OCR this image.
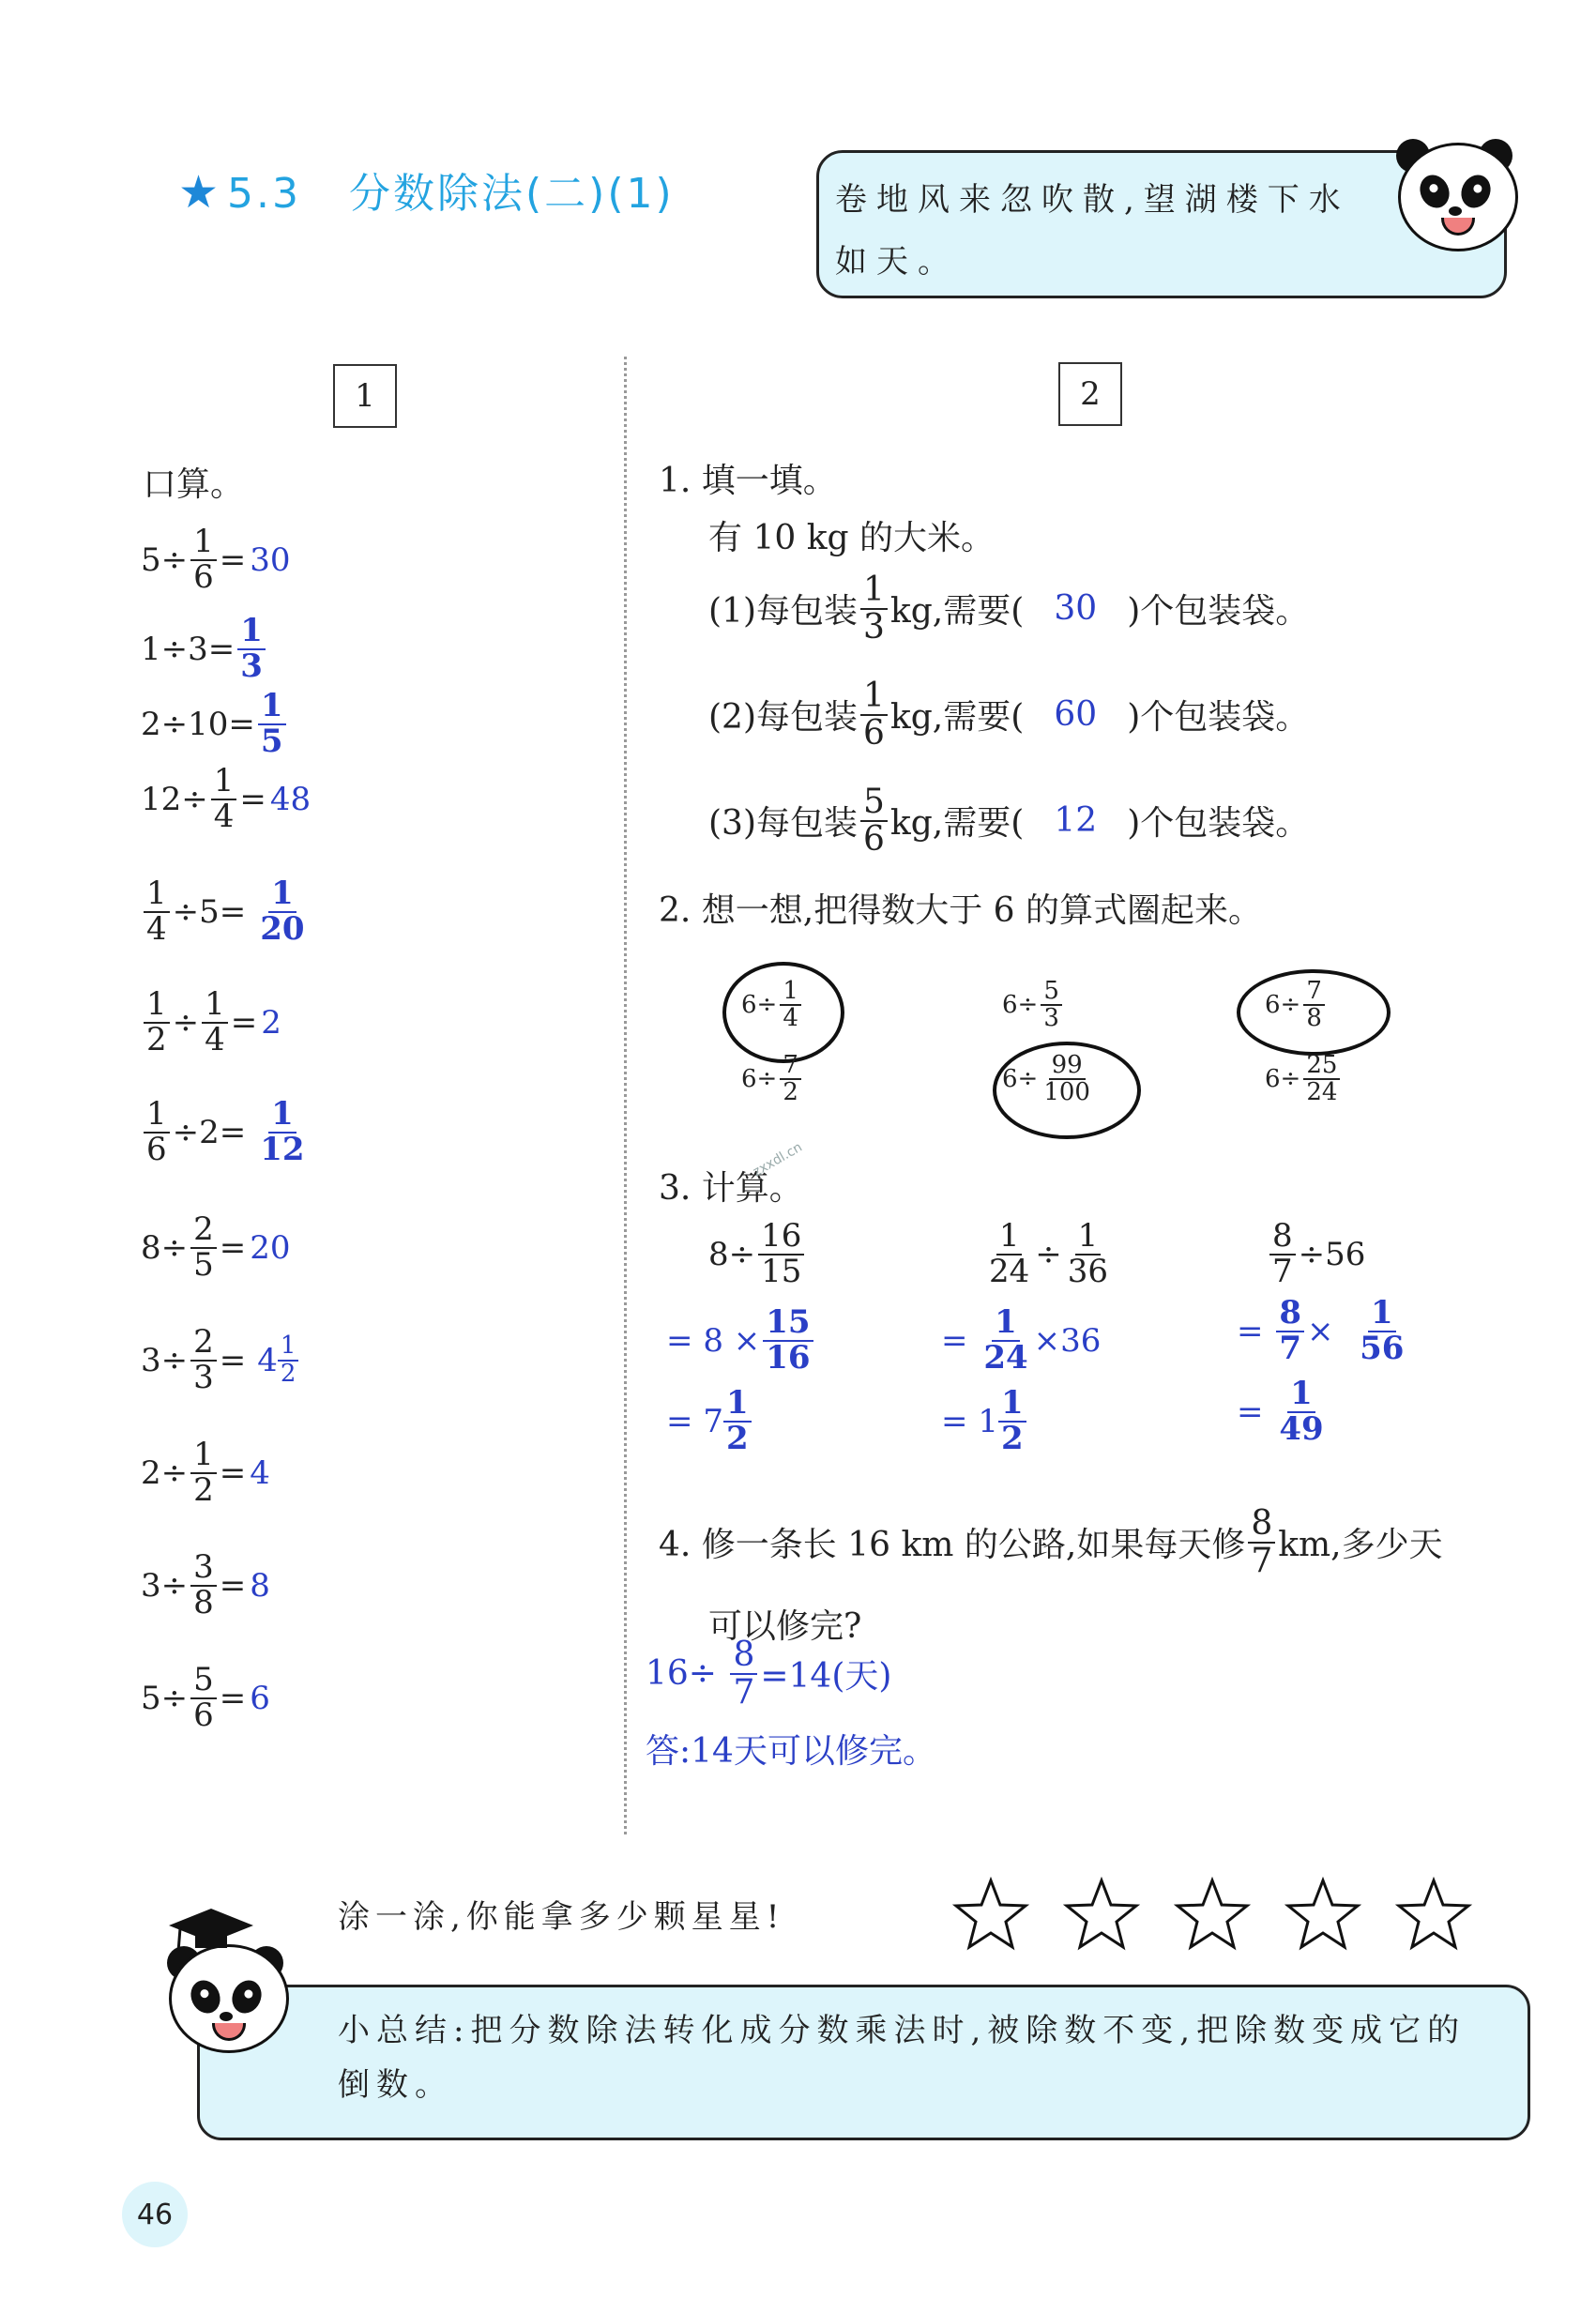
★ 5.3 分数除法(二)(1)	卷地风来忽吹散,望湖楼下水如天。
1
口算。
$5\div \frac{1}{6} = 30$
$1\div 3= \frac{1}{3}$
$2\div 10= \frac{1}{5}$
$12\div \frac{1}{4} = 48$
$\frac{1}{4} \div 5= \frac{1}{20}$
$\frac{1}{2} \div \frac{1}{4} = 2$
$\frac{1}{6} \div 2= \frac{1}{12}$
$8\div \frac{2}{5} = 20$
$3\div \frac{2}{3} = 4$ 1
2
$2\div \frac{1}{2} = 4$
$3\div \frac{3}{8} = 8$
$5\div \frac{5}{6} = 6$
2
1. 填一填。
有 10 kg 的大米。
(1)每包装
1
3 kg,需要( 30 )个包装袋。
(2)每包装
1
6 kg,需要( 60 )个包装袋。
(3)每包装
5
6 kg,需要( 12 )个包装袋。
2. 想一想,把得数大于 6 的算式圈起来。
$6\div \frac{1}{4}$
$6\div \frac{7}{2}$
$6\div \frac{5}{3}$
$6\div \frac{99}{100}$
$6\div \frac{7}{8}$
$6\div \frac{25}{24}$
3. 计算。
zxxdl.cn
$8\div \frac{16}{15}$
=
$8 \times \frac{15}{16}$
=
7 1
2
$\frac{1}{24} \div \frac{1}{36}$
=
$\frac{1}{24} \times 36$
=
1 1
2
$\frac{8}{7} \div 56$
=
$\frac{8}{7}$ ×
$\frac{1}{56}$
=
$\frac{1}{49}$
4. 修一条长 16 km 的公路,如果每天修
8
7 km,多少天
可以修完?
16÷
$\frac{8}{7} =14$(天)
答:14天可以修完。
涂一涂,你能拿多少颗星星!
小总结:把分数除法转化成分数乘法时,被除数不变,把除数变成它的倒数。
46
